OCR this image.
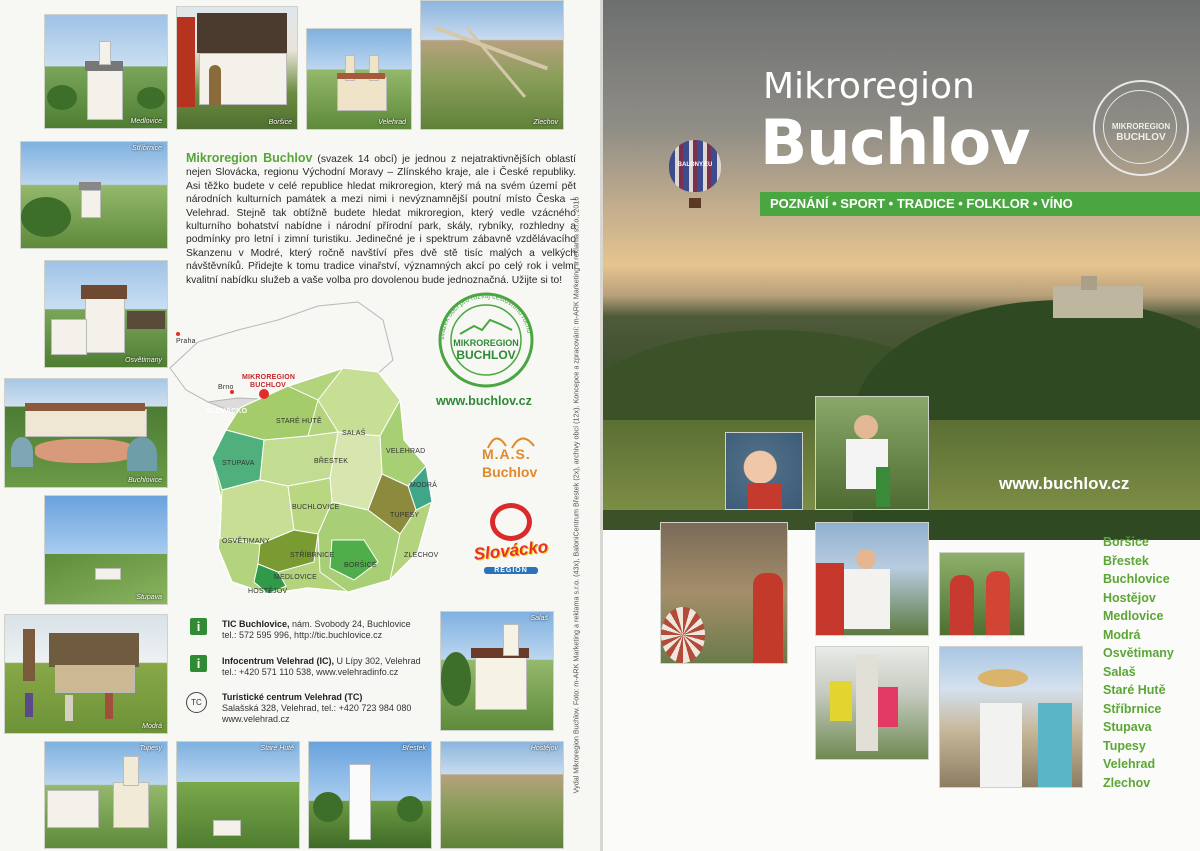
Medlovice	Boršice	Velehrad	Zlechov
Stříbrnice
Osvětimany
Buchlovice
Stupava
Modrá
Tupesy	Staré Hutě	Břestek	Hostějov
Salaš
Mikroregion Buchlov (svazek 14 obcí) je jednou z nejatraktivnějších oblastí nejen Slovácka, regionu Východní Moravy – Zlínského kraje, ale i České republiky. Asi těžko budete v celé republice hledat mikroregion, který má na svém území pět národních kulturních památek a mezi nimi i nevýznamnější poutní místo Česka – Velehrad. Stejně tak obtížně budete hledat mikroregion, který vedle vzácného kulturního bohatství nabídne i národní přírodní park, skály, rybníky, rozhledny a podmínky pro letní i zimní turistiku. Jedinečné je i spektrum zábavně vzdělávacího Skanzenu v Modré, který ročně navštíví přes dvě stě tisíc malých a velkých návštěvníků. Přidejte k tomu tradice vinařství, významných akcí po celý rok i velmi kvalitní nabídku služeb a vaše volba pro dovolenou bude jednoznačná. Užijte si to!
Praha
Brno
MIKROREGION BUCHLOV
SLOVÁCKO
STARÉ HUTĚ
SALAŠ
STUPAVA	BŘESTEK
VELEHRAD
MODRÁ
BUCHLOVICE
TUPESY
OSVĚTIMANY
STŘÍBRNICE	ZLECHOV
MEDLOVICE
BORŠICE
HOSTĚJOV
svazek obcí pro rozvoj cestovního ruchu
MIKROREGION
BUCHLOV
www.buchlov.cz
M.A.S.
Buchlov
Slovácko
REGION
i	TIC Buchlovice, nám. Svobody 24, Buchlovice
tel.: 572 595 996, http://tic.buchlovice.cz
i	Infocentrum Velehrad (IC), U Lípy 302, Velehrad
tel.: +420 571 110 538, www.velehradinfo.cz
TC
Turistické centrum Velehrad (TC)
Salašská 328, Velehrad, tel.: +420 723 984 080
www.velehrad.cz	Vydal Mikroregion Buchlov. Foto: m-ARK Marketing a reklama s.r.o. (43x), BaloniCentrum Břestek (2x), archivy obcí (12x). Koncepce a zpracování: m-ARK Marketing a reklama s.r.o., 2016
BALONY.EU
Mikroregion
Buchlov
POZNÁNÍ • SPORT • TRADICE • FOLKLOR • VÍNO
MIKROREGION
BUCHLOV
www.buchlov.cz
Boršice
Břestek
Buchlovice
Hostějov
Medlovice
Modrá
Osvětimany
Salaš
Staré Hutě
Stříbrnice
Stupava
Tupesy
Velehrad
Zlechov
